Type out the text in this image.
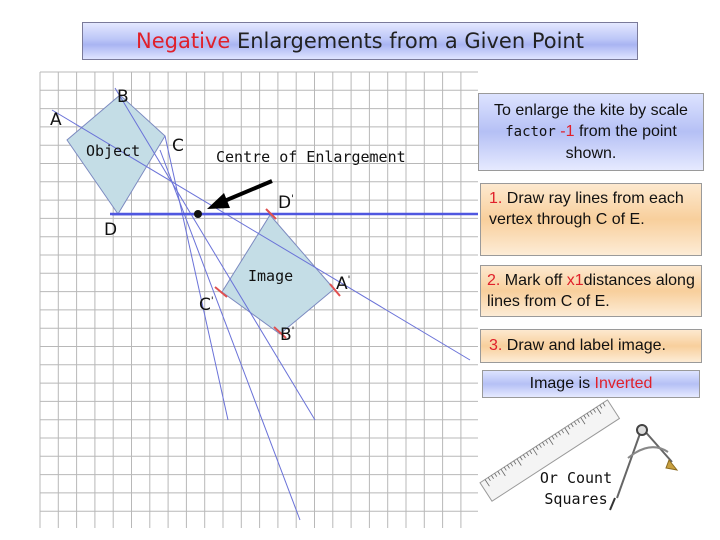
Negative Enlargements from a Given Point
A
B
C
D
Object	Centre of Enlargement
Image
D'
A'
C'
B'
To enlarge the kite by scale factor -1 from the point shown.
1. Draw ray lines from each vertex through C of E.
2. Mark off x1distances along lines from C of E.
3. Draw and label image.
Image is Inverted
Or Count
Squares
